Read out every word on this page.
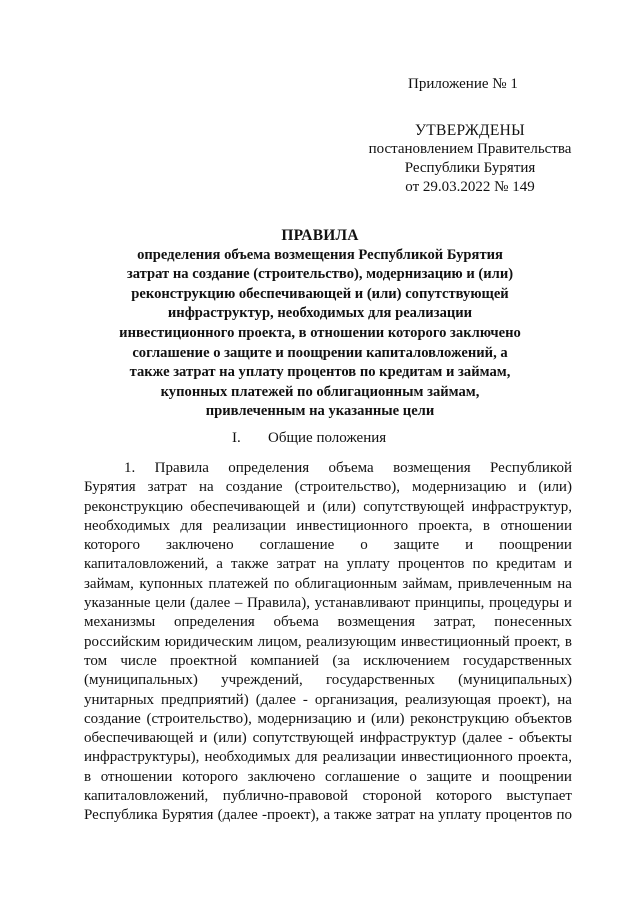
Приложение № 1
УТВЕРЖДЕНЫ
постановлением Правительства
Республики Бурятия
от 29.03.2022 № 149
ПРАВИЛА
определения объема возмещения Республикой Бурятия
затрат на создание (строительство), модернизацию и (или)
реконструкцию обеспечивающей и (или) сопутствующей
инфраструктур, необходимых для реализации
инвестиционного проекта, в отношении которого заключено
соглашение о защите и поощрении капиталовложений, а
также затрат на уплату процентов по кредитам и займам,
купонных платежей по облигационным займам,
привлеченным на указанные цели
I. Общие положения
1. Правила определения объема возмещения Республикой
Бурятия затрат на создание (строительство), модернизацию и (или)
реконструкцию обеспечивающей и (или) сопутствующей инфраструктур,
необходимых для реализации инвестиционного проекта, в отношении
которого заключено соглашение о защите и поощрении
капиталовложений, а также затрат на уплату процентов по кредитам и
займам, купонных платежей по облигационным займам, привлеченным на
указанные цели (далее – Правила), устанавливают принципы, процедуры и
механизмы определения объема возмещения затрат, понесенных
российским юридическим лицом, реализующим инвестиционный проект, в
том числе проектной компанией (за исключением государственных
(муниципальных) учреждений, государственных (муниципальных)
унитарных предприятий) (далее - организация, реализующая проект), на
создание (строительство), модернизацию и (или) реконструкцию объектов
обеспечивающей и (или) сопутствующей инфраструктур (далее - объекты
инфраструктуры), необходимых для реализации инвестиционного проекта,
в отношении которого заключено соглашение о защите и поощрении
капиталовложений, публично-правовой стороной которого выступает
Республика Бурятия (далее -проект), а также затрат на уплату процентов по
